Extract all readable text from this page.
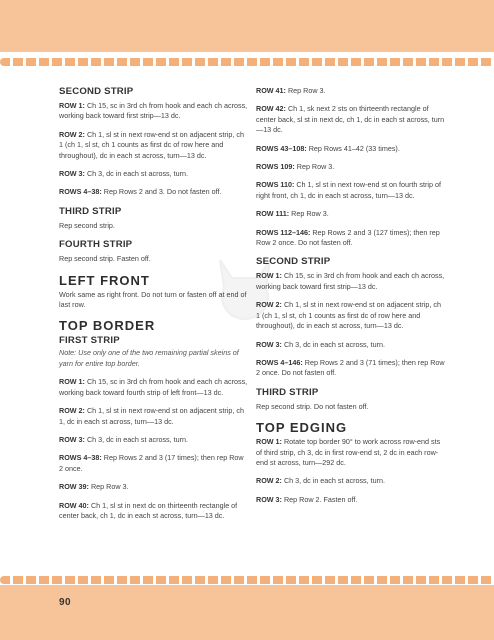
SECOND STRIP

ROW 1: Ch 15, sc in 3rd ch from hook and each ch across, working back toward first strip—13 dc.

ROW 2: Ch 1, sl st in next row-end st on adjacent strip, ch 1 (ch 1, sl st, ch 1 counts as first dc of row here and throughout), dc in each st across, turn—13 dc.

ROW 3: Ch 3, dc in each st across, turn.

ROWS 4–38: Rep Rows 2 and 3. Do not fasten off.

THIRD STRIP

Rep second strip.

FOURTH STRIP

Rep second strip. Fasten off.

LEFT FRONT

Work same as right front. Do not turn or fasten off at end of last row.

TOP BORDER
FIRST STRIP

Note: Use only one of the two remaining partial skeins of yarn for entire top border.

ROW 1: Ch 15, sc in 3rd ch from hook and each ch across, working back toward fourth strip of left front—13 dc.

ROW 2: Ch 1, sl st in next row-end st on adjacent strip, ch 1, dc in each st across, turn—13 dc.

ROW 3: Ch 3, dc in each st across, turn.

ROWS 4–38: Rep Rows 2 and 3 (17 times); then rep Row 2 once.

ROW 39: Rep Row 3.

ROW 40: Ch 1, sl st in next dc on thirteenth rectangle of center back, ch 1, dc in each st across, turn—13 dc.

ROW 41: Rep Row 3.

ROW 42: Ch 1, sk next 2 sts on thirteenth rectangle of center back, sl st in next dc, ch 1, dc in each st across, turn—13 dc.

ROWS 43–108: Rep Rows 41–42 (33 times).

ROWS 109: Rep Row 3.

ROWS 110: Ch 1, sl st in next row-end st on fourth strip of right front, ch 1, dc in each st across, turn—13 dc.

ROW 111: Rep Row 3.

ROWS 112–146: Rep Rows 2 and 3 (127 times); then rep Row 2 once. Do not fasten off.

SECOND STRIP

ROW 1: Ch 15, sc in 3rd ch from hook and each ch across, working back toward first strip—13 dc.

ROW 2: Ch 1, sl st in next row-end st on adjacent strip, ch 1 (ch 1, sl st, ch 1 counts as first dc of row here and throughout), dc in each st across, turn—13 dc.

ROW 3: Ch 3, dc in each st across, turn.

ROWS 4–146: Rep Rows 2 and 3 (71 times); then rep Row 2 once. Do not fasten off.

THIRD STRIP

Rep second strip. Do not fasten off.

TOP EDGING

ROW 1: Rotate top border 90° to work across row-end sts of third strip, ch 3, dc in first row-end st, 2 dc in each row-end st across, turn—292 dc.

ROW 2: Ch 3, dc in each st across, turn.

ROW 3: Rep Row 2. Fasten off.

90
